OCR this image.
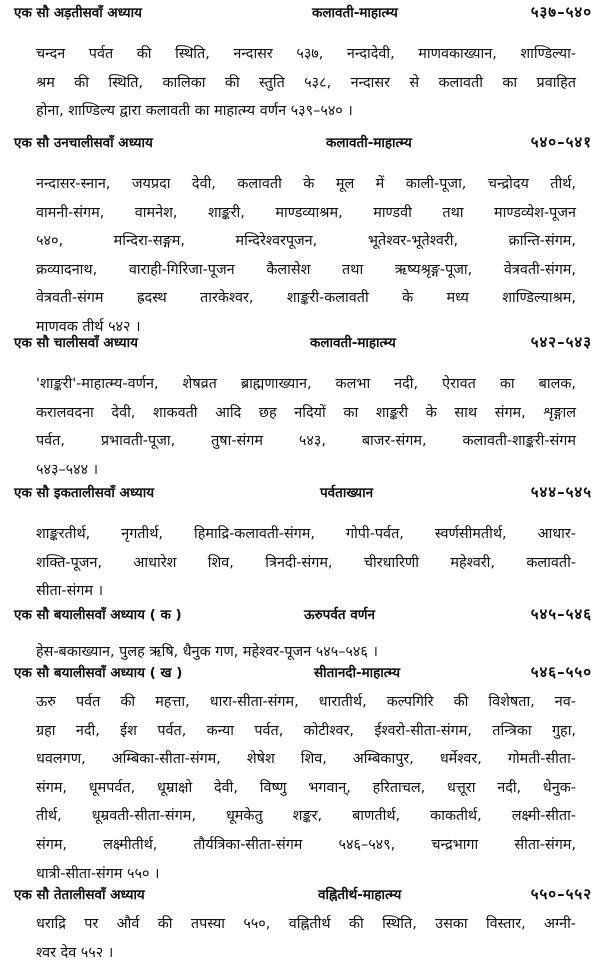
एक सौ अड़तीसवाँ अध्याय	कलावती-माहात्म्य	५३७–५४०
चन्दन पर्वत की स्थिति, नन्दासर ५३७, नन्दादेवी, माणवकाख्यान, शाण्डिल्या-
श्रम की स्थिति, कालिका की स्तुति ५३८, नन्दासर से कलावती का प्रवाहित
होना, शाण्डिल्य द्वारा कलावती का माहात्म्य वर्णन ५३९–५४० ।
एक सौ उनचालीसवाँ अध्याय	कलावती-माहात्म्य	५४०–५४१
नन्दासर-स्नान, जयप्रदा देवी, कलावती के मूल में काली-पूजा, चन्द्रोदय तीर्थ,
वामनी-संगम, वामनेश, शाङ्करी, माण्डव्याश्रम, माण्डवी तथा माण्डव्येश-पूजन
५४०, मन्दिरा-सङ्गम, मन्दिरेश्वरपूजन, भूतेश्वर-भूतेश्वरी, क्रान्ति-संगम,
क्रव्यादनाथ, वाराही-गिरिजा-पूजन कैलासेश तथा ऋष्यश्रृङ्ग-पूजा, वेत्रवती-संगम,
वेत्रवती-संगम ह्रदस्थ तारकेश्वर, शाङ्करी-कलावती के मध्य शाण्डिल्याश्रम,
माणवक तीर्थ ५४२ ।
एक सौ चालीसवाँ अध्याय	कलावती-माहात्म्य	५४२–५४३
'शाङ्करी'-माहात्म्य-वर्णन, शेषव्रत ब्राह्मणाख्यान, कलभा नदी, ऐरावत का बालक,
करालवदना देवी, शाकवती आदि छह नदियों का शाङ्करी के साथ संगम, शृङ्गाल
पर्वत, प्रभावती-पूजा, तुषा-संगम ५४३, बाजर-संगम, कलावती-शाङ्करी-संगम
५४३–५४४ ।
एक सौ इकतालीसवाँ अध्याय	पर्वताख्यान	५४४–५४५
शाङ्करतीर्थ, नृगतीर्थ, हिमाद्रि-कलावती-संगम, गोपी-पर्वत, स्वर्णसीमतीर्थ, आधार-
शक्ति-पूजन, आधारेश शिव, त्रिनदी-संगम, चीरधारिणी महेश्वरी, कलावती-
सीता-संगम ।
एक सौ बयालीसवाँ अध्याय ( क )	ऊरुपर्वत वर्णन	५४५–५४६
हेस-बकाख्यान, पुलह ऋषि, धैनुक गण, महेश्वर-पूजन ५४५–५४६ ।
एक सौ बयालीसवाँ अध्याय ( ख )	सीतानदी-माहात्म्य	५४६–५५०
ऊरु पर्वत की महत्ता, धारा-सीता-संगम, धारातीर्थ, कल्पगिरि की विशेषता, नव-
ग्रहा नदी, ईश पर्वत, कन्या पर्वत, कोटीश्वर, ईश्वरो-सीता-संगम, तन्त्रिका गुहा,
धवलगण, अम्बिका-सीता-संगम, शेषेश शिव, अम्बिकापुर, धर्मेश्वर, गोमती-सीता-
संगम, धूमपर्वत, धूम्राक्षो देवी, विष्णु भगवान्, हरिताचल, धत्तूरा नदी, धेनुक-
तीर्थ, धूम्रवती-सीता-संगम, धूमकेतु शङ्कर, बाणतीर्थ, काकतीर्थ, लक्ष्मी-सीता-
संगम, लक्ष्मीतीर्थ, तौर्यत्रिका-सीता-संगम ५४६–५४९, चन्द्रभागा सीता-संगम,
धात्री-सीता-संगम ५५० ।
एक सौ तेतालीसवाँ अध्याय	वह्नितीर्थ-माहात्म्य	५५०–५५२
धराद्रि पर और्व की तपस्या ५५०, वह्नितीर्थ की स्थिति, उसका विस्तार, अग्नी-
श्वर देव ५५२ ।
